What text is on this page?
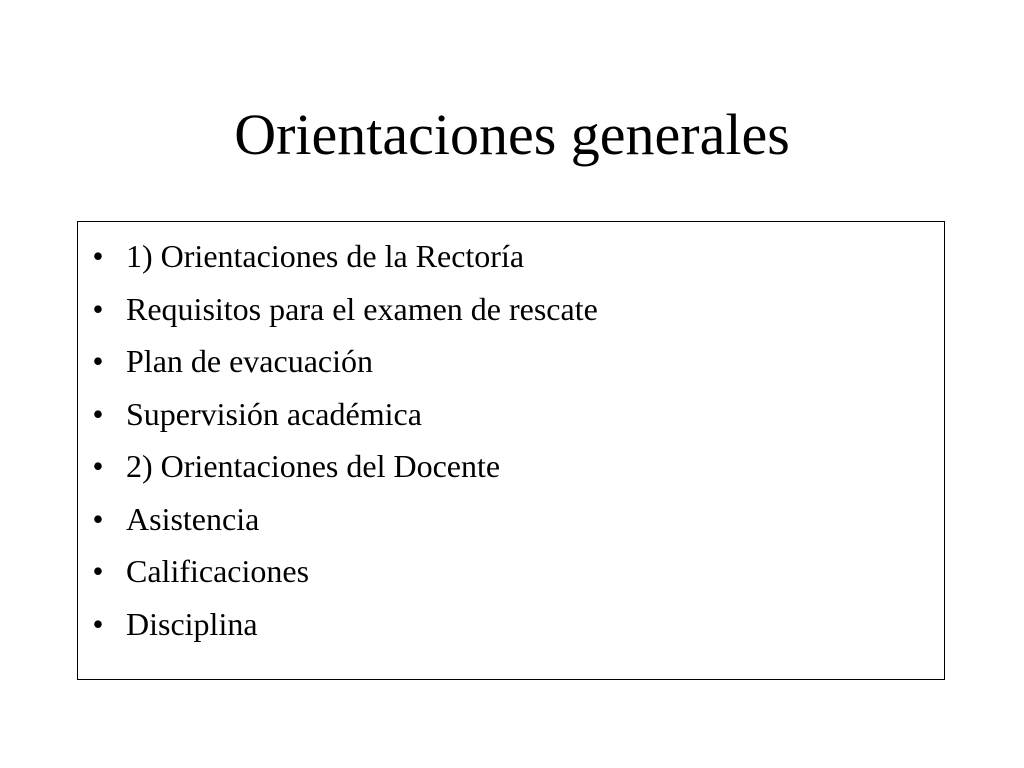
Orientaciones generales
• 1) Orientaciones de la Rectoría
• Requisitos para el examen de rescate
• Plan de evacuación
• Supervisión académica
• 2) Orientaciones del Docente
• Asistencia
• Calificaciones
• Disciplina
